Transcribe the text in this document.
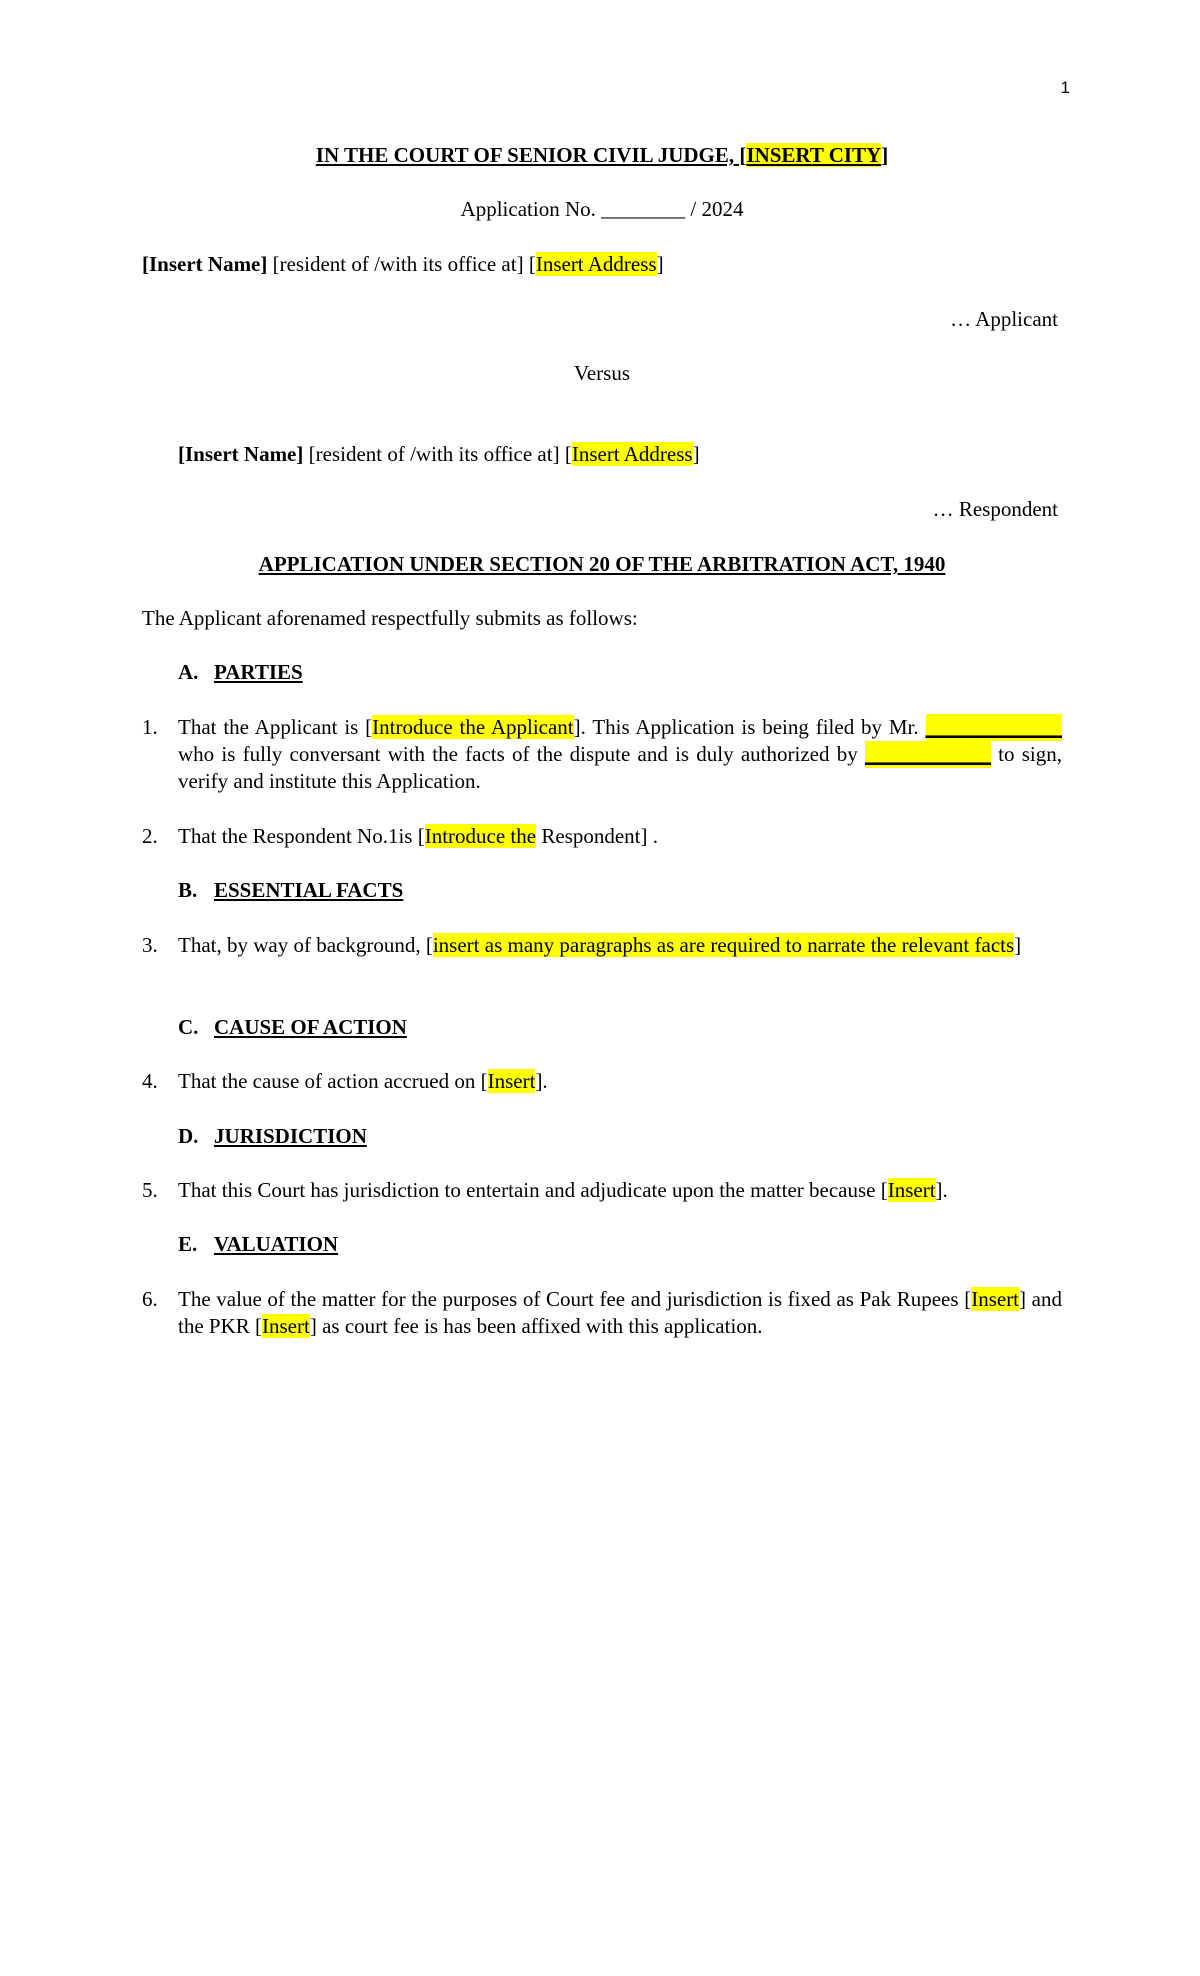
1
IN THE COURT OF SENIOR CIVIL JUDGE, [INSERT CITY]
Application No. ________ / 2024
[Insert Name] [resident of /with its office at] [Insert Address]
… Applicant
Versus
[Insert Name] [resident of /with its office at] [Insert Address]
… Respondent
APPLICATION UNDER SECTION 20 OF THE ARBITRATION ACT, 1940
The Applicant aforenamed respectfully submits as follows:
A. PARTIES
1. That the Applicant is [Introduce the Applicant]. This Application is being filed by Mr. _____________ who is fully conversant with the facts of the dispute and is duly authorized by ____________ to sign, verify and institute this Application.
2. That the Respondent No.1is [Introduce the Respondent] .
B. ESSENTIAL FACTS
3. That, by way of background, [insert as many paragraphs as are required to narrate the relevant facts]
C. CAUSE OF ACTION
4. That the cause of action accrued on [Insert].
D. JURISDICTION
5. That this Court has jurisdiction to entertain and adjudicate upon the matter because [Insert].
E. VALUATION
6. The value of the matter for the purposes of Court fee and jurisdiction is fixed as Pak Rupees [Insert] and the PKR [Insert] as court fee is has been affixed with this application.
